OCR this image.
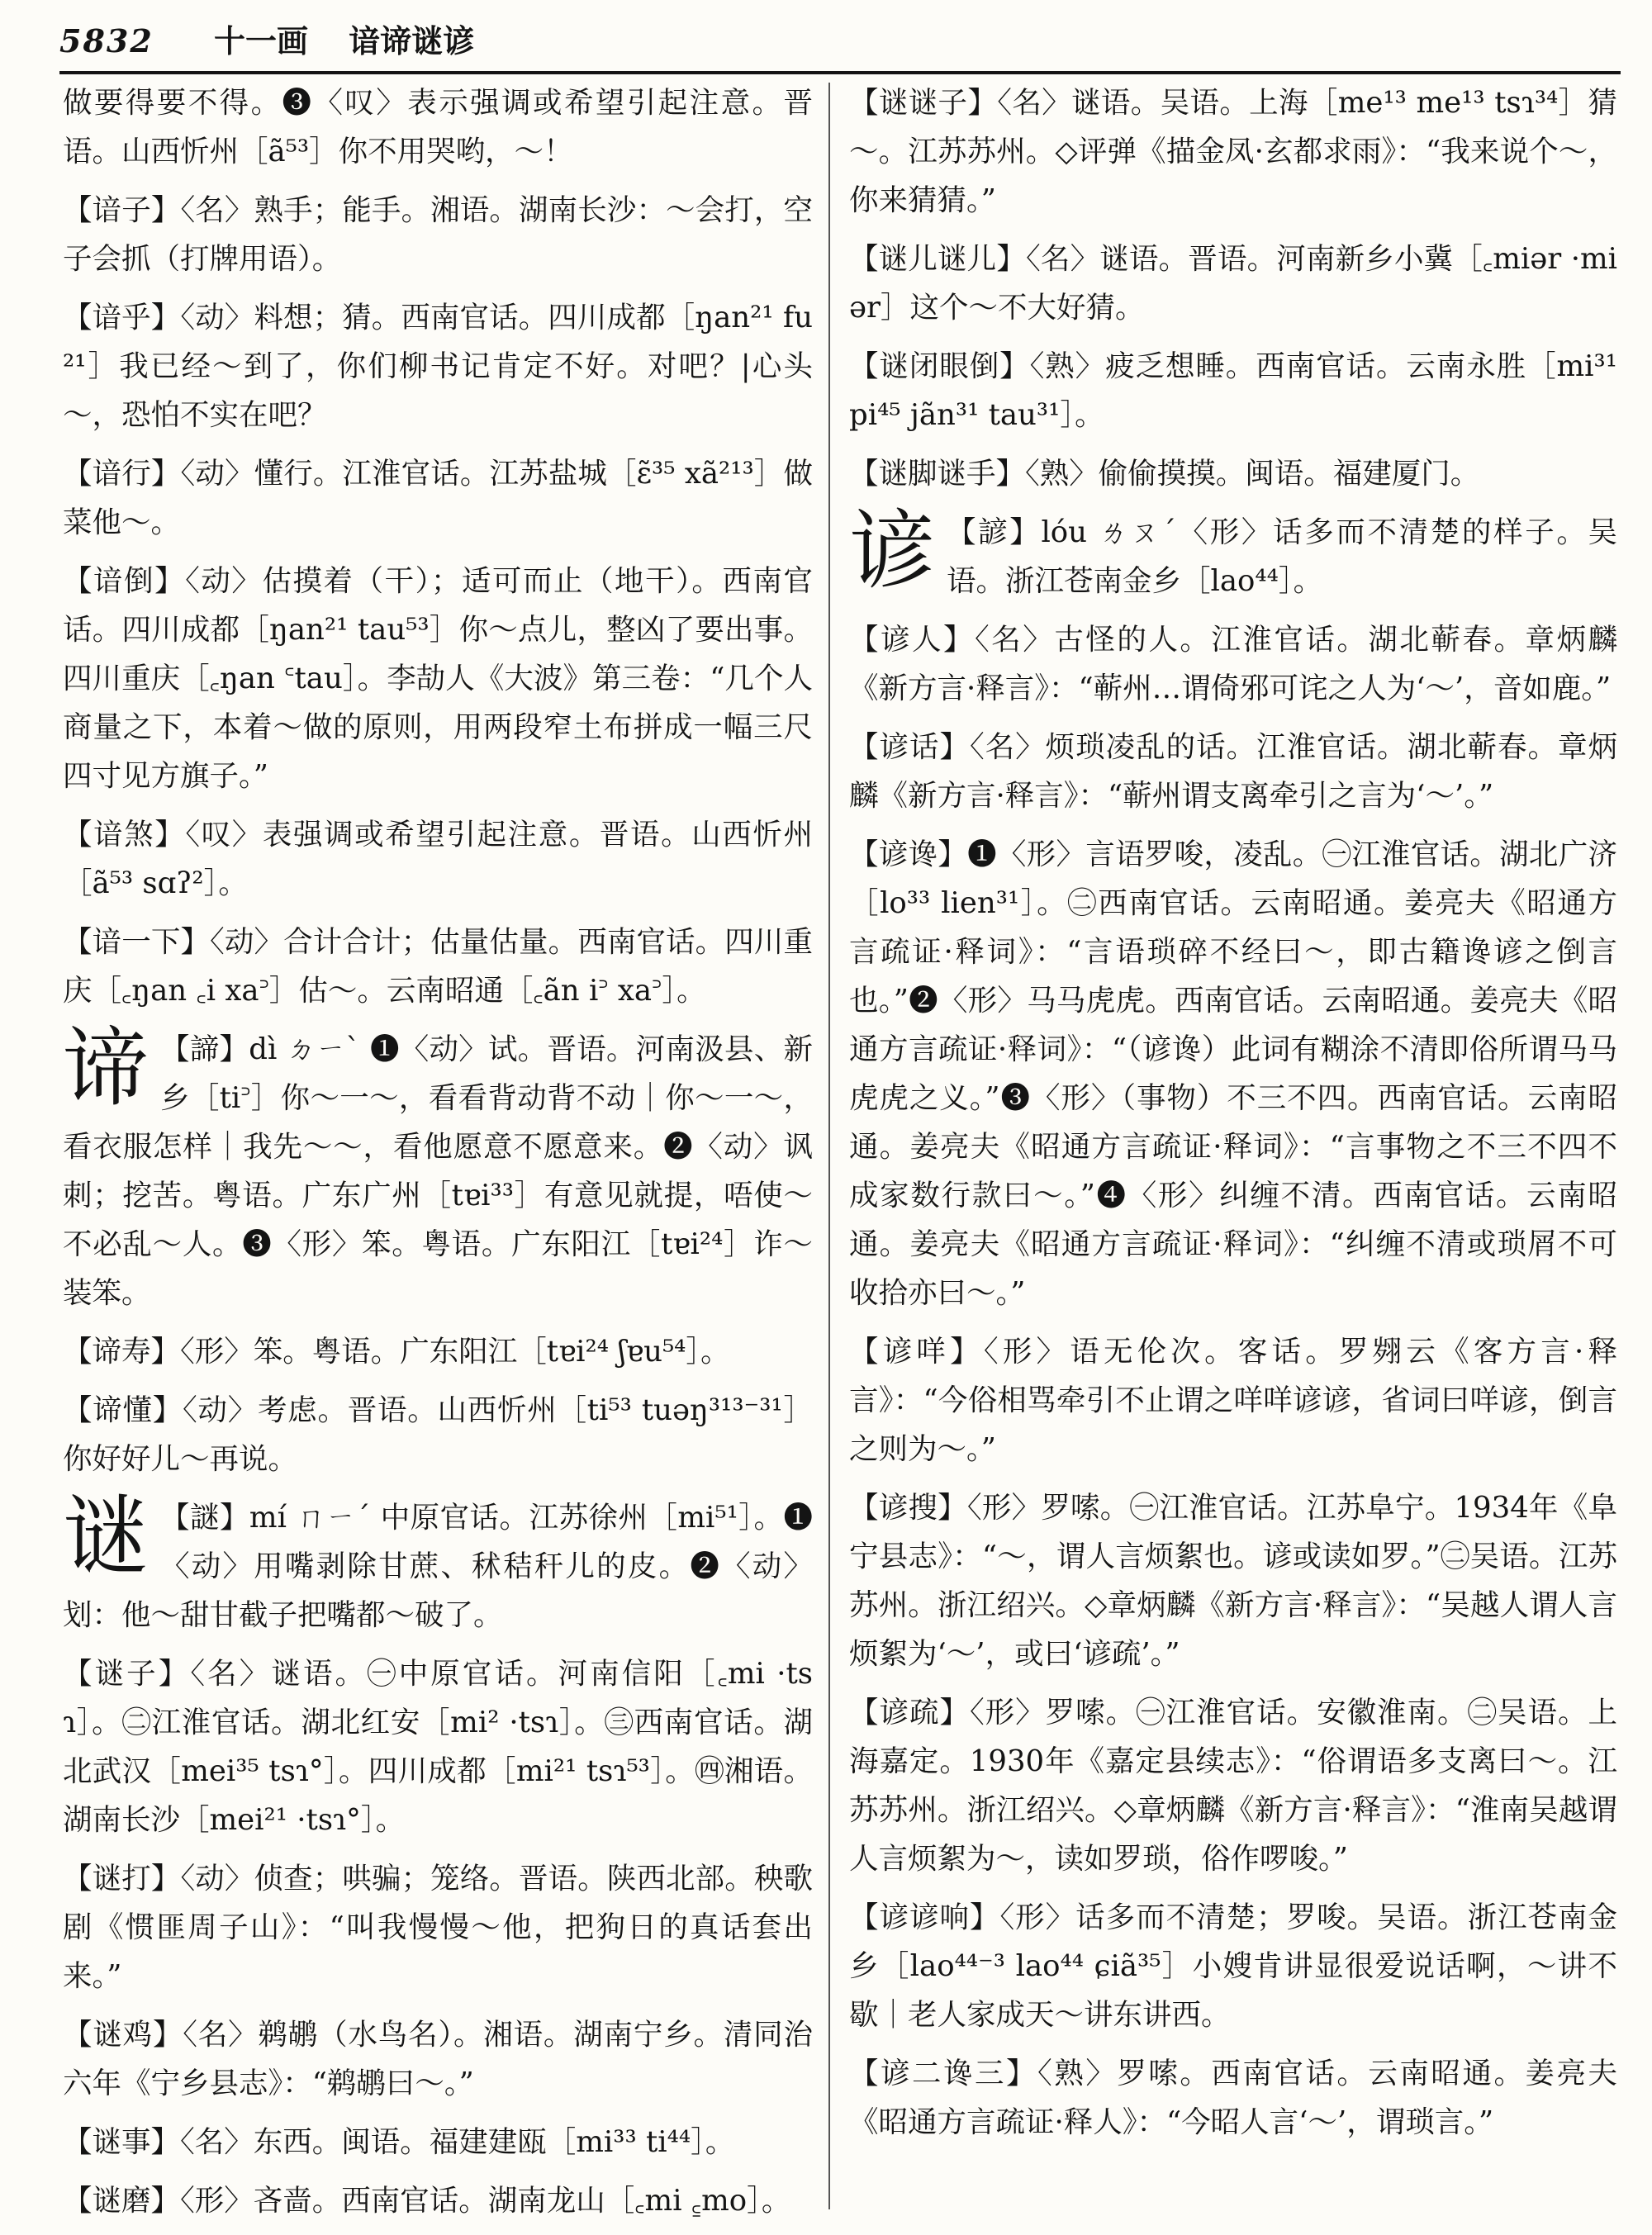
5832 十一画 谙谛谜谚

做要得要不得。❸〈叹〉表示强调或希望引起注意。晋语。山西忻州［ã⁵³］你不用哭哟，～！

【谙子】〈名〉熟手；能手。湘语。湖南长沙：～会打，空子会抓（打牌用语）。

【谙乎】〈动〉料想；猜。西南官话。四川成都［ŋan²¹ fu²¹］我已经～到了，你们柳书记肯定不好。对吧？|心头～，恐怕不实在吧？

【谙行】〈动〉懂行。江淮官话。江苏盐城［ɛ̃³⁵ xã²¹³］做菜他～。

【谙倒】〈动〉估摸着（干）；适可而止（地干）。西南官话。四川成都［ŋan²¹ tau⁵³］你～点儿，整凶了要出事。四川重庆［꜀ŋan ꜂tau］。李劼人《大波》第三卷：“几个人商量之下，本着～做的原则，用两段窄土布拼成一幅三尺四寸见方旗子。”

【谙煞】〈叹〉表强调或希望引起注意。晋语。山西忻州［ã⁵³ sɑʔ²］。

【谙一下】〈动〉合计合计；估量估量。西南官话。四川重庆［꜀ŋan ꜀i xa꜄］估～。云南昭通［꜀ãn i꜄ xa꜄］。

谛 【諦】dì ㄉㄧˋ ❶〈动〉试。晋语。河南汲县、新乡［ti꜄］你～一～，看看背动背不动｜你～一～，看衣服怎样｜我先～～，看他愿意不愿意来。❷〈动〉讽刺；挖苦。粤语。广东广州［tɐi³³］有意见就提，唔使～不必乱～人。❸〈形〉笨。粤语。广东阳江［tɐi²⁴］诈～装笨。

【谛寿】〈形〉笨。粤语。广东阳江［tɐi²⁴ ʃɐu⁵⁴］。

【谛懂】〈动〉考虑。晋语。山西忻州［ti⁵³ tuəŋ³¹³⁻³¹］你好好儿～再说。

谜 【謎】mí ㄇㄧˊ 中原官话。江苏徐州［mi⁵¹］。❶〈动〉用嘴剥除甘蔗、秫秸秆儿的皮。❷〈动〉划：他～甜甘截子把嘴都～破了。

【谜子】〈名〉谜语。㊀中原官话。河南信阳［꜀mi ·tsɿ］。㊁江淮官话。湖北红安［mi² ·tsɿ］。㊂西南官话。湖北武汉［mei³⁵ tsɿ°］。四川成都［mi²¹ tsɿ⁵³］。㊃湘语。湖南长沙［mei²¹ ·tsɿ°］。

【谜打】〈动〉侦查；哄骗；笼络。晋语。陕西北部。秧歌剧《惯匪周子山》：“叫我慢慢～他，把狗日的真话套出来。”

【谜鸡】〈名〉鹈鹕（水鸟名）。湘语。湖南宁乡。清同治六年《宁乡县志》：“鹈鹕曰～。”

【谜事】〈名〉东西。闽语。福建建瓯［mi³³ ti⁴⁴］。

【谜磨】〈形〉吝啬。西南官话。湖南龙山［꜀mi ꜁mo］。

【谜谜子】〈名〉谜语。吴语。上海［me¹³ me¹³ tsɿ³⁴］猜～。江苏苏州。◇评弹《描金凤·玄都求雨》：“我来说个～，你来猜猜。”

【谜儿谜儿】〈名〉谜语。晋语。河南新乡小冀［꜀miər ·miər］这个～不大好猜。

【谜闭眼倒】〈熟〉疲乏想睡。西南官话。云南永胜［mi³¹ pi⁴⁵ jãn³¹ tau³¹］。

【谜脚谜手】〈熟〉偷偷摸摸。闽语。福建厦门。

谚 【諺】lóu ㄌㄡˊ〈形〉话多而不清楚的样子。吴语。浙江苍南金乡［lao⁴⁴］。

【谚人】〈名〉古怪的人。江淮官话。湖北蕲春。章炳麟《新方言·释言》：“蕲州…谓倚邪可诧之人为‘～’，音如鹿。”

【谚话】〈名〉烦琐凌乱的话。江淮官话。湖北蕲春。章炳麟《新方言·释言》：“蕲州谓支离牵引之言为‘～’。”

【谚谗】❶〈形〉言语罗唆，凌乱。㊀江淮官话。湖北广济［lo³³ lien³¹］。㊁西南官话。云南昭通。姜亮夫《昭通方言疏证·释词》：“言语琐碎不经曰～，即古籍谗谚之倒言也。”❷〈形〉马马虎虎。西南官话。云南昭通。姜亮夫《昭通方言疏证·释词》：“（谚谗）此词有糊涂不清即俗所谓马马虎虎之义。”❸〈形〉（事物）不三不四。西南官话。云南昭通。姜亮夫《昭通方言疏证·释词》：“言事物之不三不四不成家数行款曰～。”❹〈形〉纠缠不清。西南官话。云南昭通。姜亮夫《昭通方言疏证·释词》：“纠缠不清或琐屑不可收拾亦曰～。”

【谚咩】〈形〉语无伦次。客话。罗翙云《客方言·释言》：“今俗相骂牵引不止谓之咩咩谚谚，省词曰咩谚，倒言之则为～。”

【谚搜】〈形〉罗嗦。㊀江淮官话。江苏阜宁。1934年《阜宁县志》：“～，谓人言烦絮也。谚或读如罗。”㊁吴语。江苏苏州。浙江绍兴。◇章炳麟《新方言·释言》：“吴越人谓人言烦絮为‘～’，或曰‘谚疏’。”

【谚疏】〈形〉罗嗦。㊀江淮官话。安徽淮南。㊁吴语。上海嘉定。1930年《嘉定县续志》：“俗谓语多支离曰～。江苏苏州。浙江绍兴。◇章炳麟《新方言·释言》：“淮南吴越谓人言烦絮为～，读如罗琐，俗作啰唆。”

【谚谚响】〈形〉话多而不清楚；罗唆。吴语。浙江苍南金乡［lao⁴⁴⁻³ lao⁴⁴ ɕiã³⁵］小嫂肯讲显很爱说话啊，～讲不歇｜老人家成天～讲东讲西。

【谚二谗三】〈熟〉罗嗦。西南官话。云南昭通。姜亮夫《昭通方言疏证·释人》：“今昭人言‘～’，谓琐言。”
